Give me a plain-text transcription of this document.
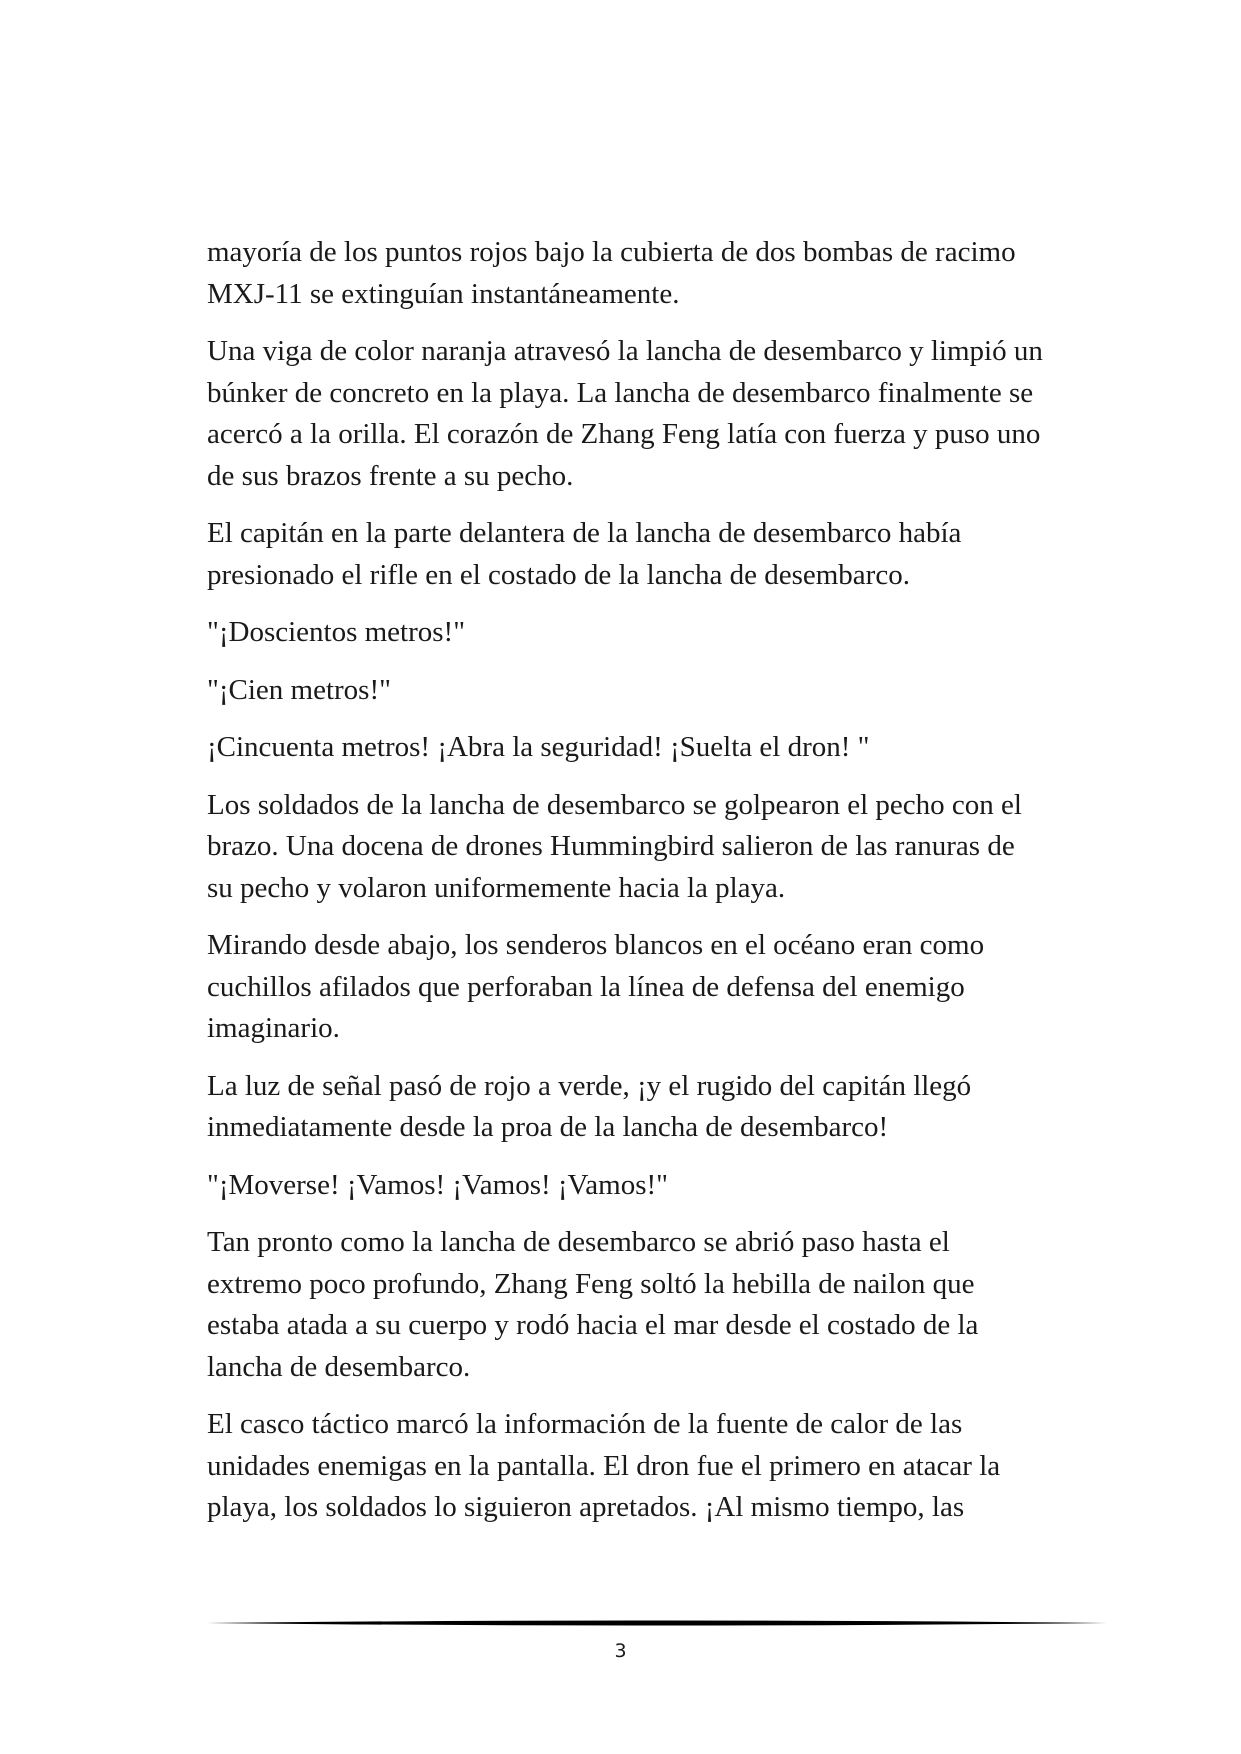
mayoría de los puntos rojos bajo la cubierta de dos bombas de racimo
MXJ-11 se extinguían instantáneamente.

Una viga de color naranja atravesó la lancha de desembarco y limpió un
búnker de concreto en la playa. La lancha de desembarco finalmente se
acercó a la orilla. El corazón de Zhang Feng latía con fuerza y puso uno
de sus brazos frente a su pecho.

El capitán en la parte delantera de la lancha de desembarco había
presionado el rifle en el costado de la lancha de desembarco.

"¡Doscientos metros!"

"¡Cien metros!"

¡Cincuenta metros! ¡Abra la seguridad! ¡Suelta el dron! "

Los soldados de la lancha de desembarco se golpearon el pecho con el
brazo. Una docena de drones Hummingbird salieron de las ranuras de
su pecho y volaron uniformemente hacia la playa.

Mirando desde abajo, los senderos blancos en el océano eran como
cuchillos afilados que perforaban la línea de defensa del enemigo
imaginario.

La luz de señal pasó de rojo a verde, ¡y el rugido del capitán llegó
inmediatamente desde la proa de la lancha de desembarco!

"¡Moverse! ¡Vamos! ¡Vamos! ¡Vamos!"

Tan pronto como la lancha de desembarco se abrió paso hasta el
extremo poco profundo, Zhang Feng soltó la hebilla de nailon que
estaba atada a su cuerpo y rodó hacia el mar desde el costado de la
lancha de desembarco.

El casco táctico marcó la información de la fuente de calor de las
unidades enemigas en la pantalla. El dron fue el primero en atacar la
playa, los soldados lo siguieron apretados. ¡Al mismo tiempo, las

3
